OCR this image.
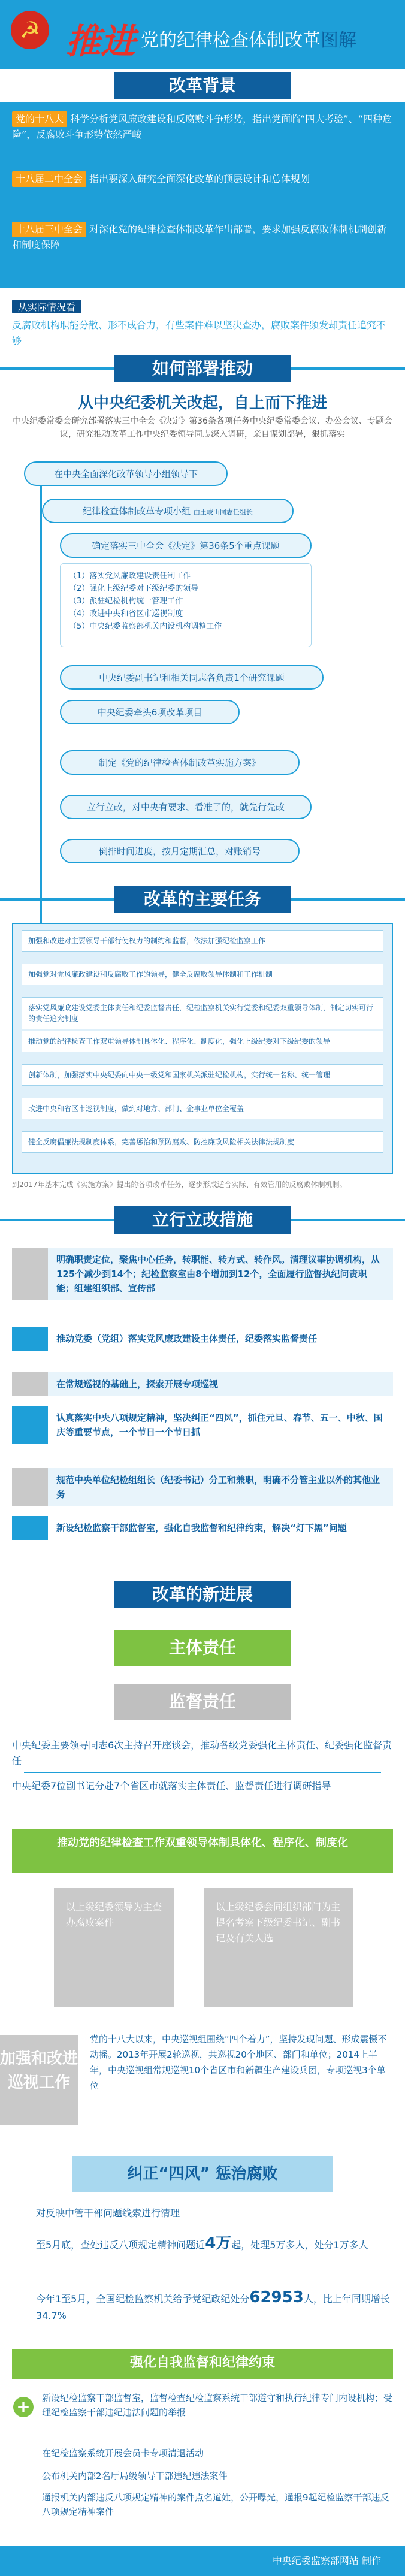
☭ 推进 党的纪律检查体制改革图解
改革背景
党的十八大 科学分析党风廉政建设和反腐败斗争形势，指出党面临“四大考验”、“四种危险”，反腐败斗争形势依然严峻
十八届二中全会 指出要深入研究全面深化改革的顶层设计和总体规划
十八届三中全会 对深化党的纪律检查体制改革作出部署，要求加强反腐败体制机制创新和制度保障
从实际情况看
反腐败机构职能分散、形不成合力，有些案件难以坚决查办，腐败案件频发却责任追究不够
如何部署推动
从中央纪委机关改起，自上而下推进
中央纪委常委会研究部署落实三中全会《决定》第36条各项任务中央纪委常委会议、办公会议、专题会议，研究推动改革工作中央纪委领导同志深入调研，亲自谋划部署，狠抓落实
在中央全面深化改革领导小组领导下
纪律检查体制改革专项小组 由王岐山同志任组长
确定落实三中全会《决定》第36条5个重点课题
（1）落实党风廉政建设责任制工作
（2）强化上级纪委对下级纪委的领导
（3）派驻纪检机构统一管理工作
（4）改进中央和省区市巡视制度
（5）中央纪委监察部机关内设机构调整工作
中央纪委副书记和相关同志各负责1个研究课题
中央纪委牵头6项改革项目
制定《党的纪律检查体制改革实施方案》
立行立改，对中央有要求、看准了的，就先行先改
倒排时间进度，按月定期汇总，对账销号
改革的主要任务
加强和改进对主要领导干部行使权力的制约和监督，依法加强纪检监察工作
加强党对党风廉政建设和反腐败工作的领导，健全反腐败领导体制和工作机制
落实党风廉政建设党委主体责任和纪委监督责任，纪检监察机关实行党委和纪委双重领导体制，制定切实可行的责任追究制度
推动党的纪律检查工作双重领导体制具体化、程序化、制度化，强化上级纪委对下级纪委的领导
创新体制，加强落实中央纪委向中央一级党和国家机关派驻纪检机构，实行统一名称、统一管理
改进中央和省区市巡视制度，做到对地方、部门、企事业单位全覆盖
健全反腐倡廉法规制度体系，完善惩治和预防腐败、防控廉政风险相关法律法规制度
到2017年基本完成《实施方案》提出的各项改革任务，逐步形成适合实际、有效管用的反腐败体制机制。
立行立改措施
明确职责定位，聚焦中心任务，转职能、转方式、转作风。清理议事协调机构，从125个减少到14个；纪检监察室由8个增加到12个，全面履行监督执纪问责职能；组建组织部、宣传部
推动党委（党组）落实党风廉政建设主体责任，纪委落实监督责任
在常规巡视的基础上，探索开展专项巡视
认真落实中央八项规定精神，坚决纠正“四风”，抓住元旦、春节、五一、中秋、国庆等重要节点，一个节日一个节日抓
规范中央单位纪检组组长（纪委书记）分工和兼职，明确不分管主业以外的其他业务
新设纪检监察干部监督室，强化自我监督和纪律约束，解决“灯下黑”问题
改革的新进展
主体责任
监督责任
中央纪委主要领导同志6次主持召开座谈会，推动各级党委强化主体责任、纪委强化监督责任
中央纪委7位副书记分赴7个省区市就落实主体责任、监督责任进行调研指导
推动党的纪律检查工作双重领导体制具体化、程序化、制度化
以上级纪委领导为主查办腐败案件
以上级纪委会同组织部门为主提名考察下级纪委书记、副书记及有关人选
加强和改进巡视工作
党的十八大以来，中央巡视组围绕“四个着力”，坚持发现问题、形成震慑不动摇。2013年开展2轮巡视，共巡视20个地区、部门和单位；2014上半年，中央巡视组常规巡视10个省区市和新疆生产建设兵团，专项巡视3个单位
纠正“四风” 惩治腐败
对反映中管干部问题线索进行清理
至5月底，查处违反八项规定精神问题近4万起，处理5万多人，处分1万多人
今年1至5月，全国纪检监察机关给予党纪政纪处分62953人，比上年同期增长34.7%
强化自我监督和纪律约束
+	新设纪检监察干部监督室，监督检查纪检监察系统干部遵守和执行纪律专门内设机构；受理纪检监察干部违纪违法问题的举报
在纪检监察系统开展会员卡专项清退活动
公布机关内部2名厅局级领导干部违纪违法案件
通报机关内部违反八项规定精神的案件点名道姓，公开曝光，通报9起纪检监察干部违反八项规定精神案件
中央纪委监察部网站 制作
